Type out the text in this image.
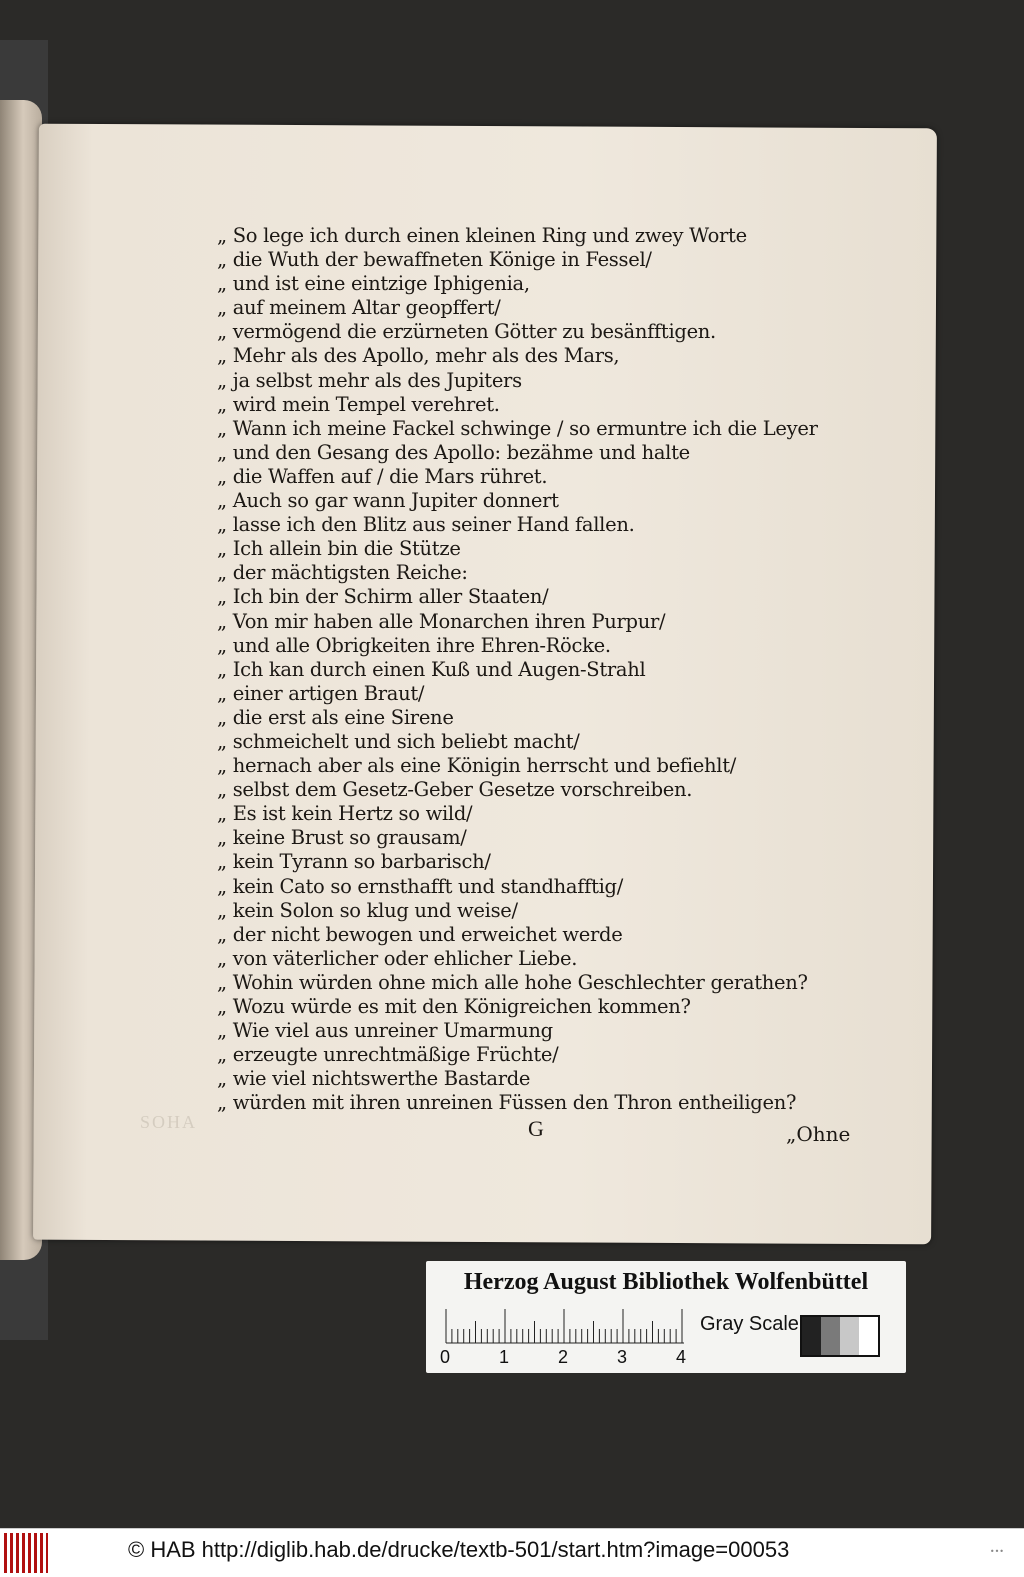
SOHA
„ So lege ich durch einen kleinen Ring und zwey Worte
„ die Wuth der bewaffneten Könige in Fessel/
„ und ist eine eintzige Iphigenia,
„ auf meinem Altar geopffert/
„ vermögend die erzürneten Götter zu besänfftigen.
„ Mehr als des Apollo, mehr als des Mars,
„ ja selbst mehr als des Jupiters
„ wird mein Tempel verehret.
„ Wann ich meine Fackel schwinge / so ermuntre ich die Leyer
„ und den Gesang des Apollo: bezähme und halte
„ die Waffen auf / die Mars rühret.
„ Auch so gar wann Jupiter donnert
„ lasse ich den Blitz aus seiner Hand fallen.
„ Ich allein bin die Stütze
„ der mächtigsten Reiche:
„ Ich bin der Schirm aller Staaten/
„ Von mir haben alle Monarchen ihren Purpur/
„ und alle Obrigkeiten ihre Ehren-Röcke.
„ Ich kan durch einen Kuß und Augen-Strahl
„ einer artigen Braut/
„ die erst als eine Sirene
„ schmeichelt und sich beliebt macht/
„ hernach aber als eine Königin herrscht und befiehlt/
„ selbst dem Gesetz-Geber Gesetze vorschreiben.
„ Es ist kein Hertz so wild/
„ keine Brust so grausam/
„ kein Tyrann so barbarisch/
„ kein Cato so ernsthafft und standhafftig/
„ kein Solon so klug und weise/
„ der nicht bewogen und erweichet werde
„ von väterlicher oder ehlicher Liebe.
„ Wohin würden ohne mich alle hohe Geschlechter gerathen?
„ Wozu würde es mit den Königreichen kommen?
„ Wie viel aus unreiner Umarmung
„ erzeugte unrechtmäßige Früchte/
„ wie viel nichtswerthe Bastarde
„ würden mit ihren unreinen Füssen den Thron entheiligen?
G	„Ohne
Herzog August Bibliothek Wolfenbüttel
0	1	2	3	4
Gray Scale
© HAB http://diglib.hab.de/drucke/textb-501/start.htm?image=00053	•••
